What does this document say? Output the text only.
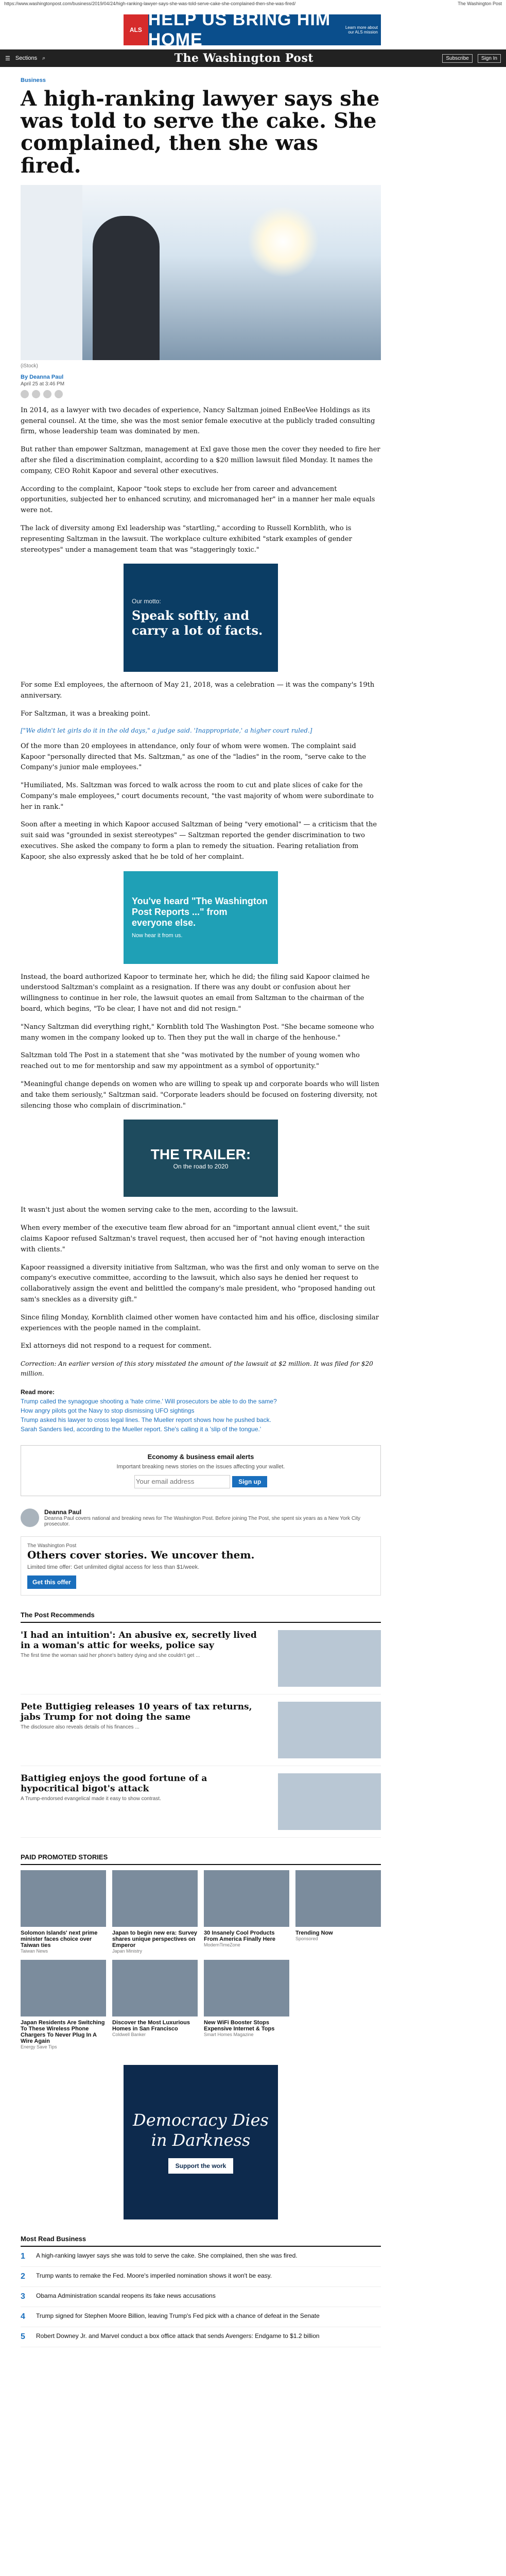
https://www.washingtonpost.com/business/2019/04/24/high-ranking-lawyer-says-she-was-told-serve-cake-she-complained-then-she-was-fired/	The Washington Post
ALS
HELP US BRING HIM HOME
Learn more about our ALS mission
☰ Sections ⌕	The Washington Post	Subscribe	Sign In
Business
A high-ranking lawyer says she was told to serve the cake. She complained, then she was fired.
(iStock)
By Deanna Paul
April 25 at 3:46 PM

In 2014, as a lawyer with two decades of experience, Nancy Saltzman joined EnBeeVee Holdings as its general counsel. At the time, she was the most senior female executive at the publicly traded consulting firm, whose leadership team was dominated by men.

But rather than empower Saltzman, management at Exl gave those men the cover they needed to fire her after she filed a discrimination complaint, according to a $20 million lawsuit filed Monday. It names the company, CEO Rohit Kapoor and several other executives.

According to the complaint, Kapoor "took steps to exclude her from career and advancement opportunities, subjected her to enhanced scrutiny, and micromanaged her" in a manner her male equals were not.

The lack of diversity among Exl leadership was "startling," according to Russell Kornblith, who is representing Saltzman in the lawsuit. The workplace culture exhibited "stark examples of gender stereotypes" under a management team that was "staggeringly toxic."

Our motto:
Speak softly, and carry a lot of facts.

For some Exl employees, the afternoon of May 21, 2018, was a celebration — it was the company's 19th anniversary.

For Saltzman, it was a breaking point.

["We didn't let girls do it in the old days," a judge said. 'Inappropriate,' a higher court ruled.]

Of the more than 20 employees in attendance, only four of whom were women. The complaint said Kapoor "personally directed that Ms. Saltzman," as one of the "ladies" in the room, "serve cake to the Company's junior male employees."

"Humiliated, Ms. Saltzman was forced to walk across the room to cut and plate slices of cake for the Company's male employees," court documents recount, "the vast majority of whom were subordinate to her in rank."

Soon after a meeting in which Kapoor accused Saltzman of being "very emotional" — a criticism that the suit said was "grounded in sexist stereotypes" — Saltzman reported the gender discrimination to two executives. She asked the company to form a plan to remedy the situation. Fearing retaliation from Kapoor, she also expressly asked that he be told of her complaint.

You've heard "The Washington Post Reports ..." from everyone else.
Now hear it from us.

Instead, the board authorized Kapoor to terminate her, which he did; the filing said Kapoor claimed he understood Saltzman's complaint as a resignation. If there was any doubt or confusion about her willingness to continue in her role, the lawsuit quotes an email from Saltzman to the chairman of the board, which begins, "To be clear, I have not and did not resign."

"Nancy Saltzman did everything right," Kornblith told The Washington Post. "She became someone who many women in the company looked up to. Then they put the wall in charge of the henhouse."

Saltzman told The Post in a statement that she "was motivated by the number of young women who reached out to me for mentorship and saw my appointment as a symbol of opportunity."

"Meaningful change depends on women who are willing to speak up and corporate boards who will listen and take them seriously," Saltzman said. "Corporate leaders should be focused on fostering diversity, not silencing those who complain of discrimination."

THE TRAILER:
On the road to 2020

It wasn't just about the women serving cake to the men, according to the lawsuit.

When every member of the executive team flew abroad for an "important annual client event," the suit claims Kapoor refused Saltzman's travel request, then accused her of "not having enough interaction with clients."

Kapoor reassigned a diversity initiative from Saltzman, who was the first and only woman to serve on the company's executive committee, according to the lawsuit, which also says he denied her request to collaboratively assign the event and belittled the company's male president, who "proposed handing out sam's sneckles as a diversity gift."

Since filing Monday, Kornblith claimed other women have contacted him and his office, disclosing similar experiences with the people named in the complaint.

Exl attorneys did not respond to a request for comment.

Correction: An earlier version of this story misstated the amount of the lawsuit at $2 million. It was filed for $20 million.

Read more:
Trump called the synagogue shooting a 'hate crime.' Will prosecutors be able to do the same?
How angry pilots got the Navy to stop dismissing UFO sightings
Trump asked his lawyer to cross legal lines. The Mueller report shows how he pushed back.
Sarah Sanders lied, according to the Mueller report. She's calling it a 'slip of the tongue.'
Economy & business email alerts
Important breaking news stories on the issues affecting your wallet.
Your email address Sign up
Deanna Paul
Deanna Paul covers national and breaking news for The Washington Post. Before joining The Post, she spent six years as a New York City prosecutor.
The Washington Post
Others cover stories. We uncover them.
Limited time offer: Get unlimited digital access for less than $1/week.
Get this offer
The Post Recommends
'I had an intuition': An abusive ex, secretly lived in a woman's attic for weeks, police say
The first time the woman said her phone's battery dying and she couldn't get ...
Pete Buttigieg releases 10 years of tax returns, jabs Trump for not doing the same
The disclosure also reveals details of his finances ...
Battigieg enjoys the good fortune of a hypocritical bigot's attack
A Trump-endorsed evangelical made it easy to show contrast.
PAID PROMOTED STORIES
Solomon Islands' next prime minister faces choice over Taiwan ties
Taiwan News
Japan to begin new era: Survey shares unique perspectives on Emperor
Japan Ministry
30 Insanely Cool Products From America Finally Here
ModernTimeZone
Trending Now
Sponsored
Japan Residents Are Switching To These Wireless Phone Chargers To Never Plug In A Wire Again
Energy Save Tips
Discover the Most Luxurious Homes in San Francisco
Coldwell Banker
New WiFi Booster Stops Expensive Internet & Tops
Smart Homes Magazine
Democracy Dies in Darkness
Support the work
Most Read Business
1	A high-ranking lawyer says she was told to serve the cake. She complained, then she was fired.
2	Trump wants to remake the Fed. Moore's imperiled nomination shows it won't be easy.
3	Obama Administration scandal reopens its fake news accusations
4	Trump signed for Stephen Moore Billion, leaving Trump's Fed pick with a chance of defeat in the Senate
5	Robert Downey Jr. and Marvel conduct a box office attack that sends Avengers: Endgame to $1.2 billion
